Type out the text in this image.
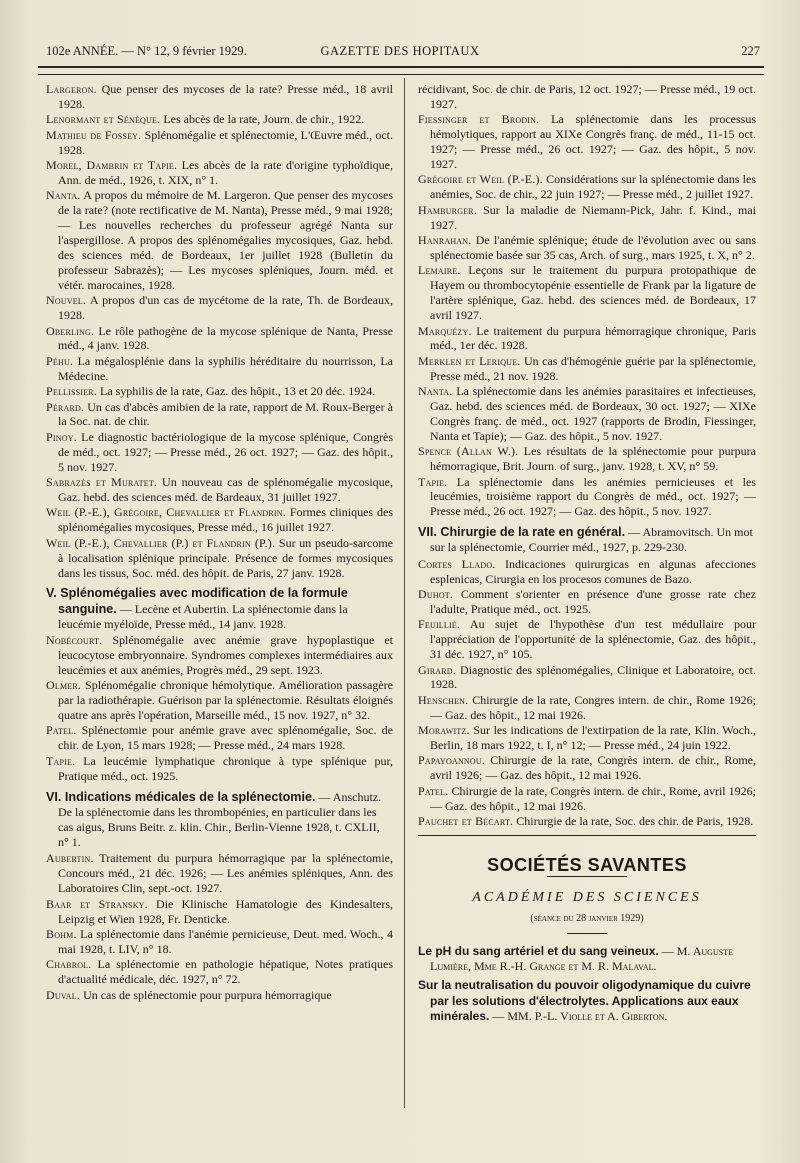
102e ANNÉE. — N° 12, 9 février 1929.	GAZETTE DES HOPITAUX	227
Largeron. Que penser des mycoses de la rate? Presse méd., 18 avril 1928.
Lenormant et Sénèque. Les abcès de la rate, Journ. de chir., 1922.
Mathieu de Fossey. Splénomégalie et splénectomie, L'Œuvre méd., oct. 1928.
Morel, Dambrin et Tapie. Les abcès de la rate d'origine typhoïdique, Ann. de méd., 1926, t. XIX, n° 1.
Nanta. A propos du mémoire de M. Largeron. Que penser des mycoses de la rate? (note rectificative de M. Nanta), Presse méd., 9 mai 1928; — Les nouvelles recherches du professeur agrégé Nanta sur l'aspergillose. A propos des splénomégalies mycosiques, Gaz. hebd. des sciences méd. de Bordeaux, 1er juillet 1928 (Bulletin du professeur Sabrazès); — Les mycoses spléniques, Journ. méd. et vétér. marocaines, 1928.
Nouvel. A propos d'un cas de mycétome de la rate, Th. de Bordeaux, 1928.
Oberling. Le rôle pathogène de la mycose splénique de Nanta, Presse méd., 4 janv. 1928.
Péhu. La mégalosplénie dans la syphilis héréditaire du nourrisson, La Médecine.
Pellissier. La syphilis de la rate, Gaz. des hôpit., 13 et 20 déc. 1924.
Pérard. Un cas d'abcès amibien de la rate, rapport de M. Roux-Berger à la Soc. nat. de chir.
Pinoy. Le diagnostic bactériologique de la mycose splénique, Congrès de méd., oct. 1927; — Presse méd., 26 oct. 1927; — Gaz. des hôpit., 5 nov. 1927.
Sabrazès et Muratet. Un nouveau cas de splénomégalie mycosique, Gaz. hebd. des sciences méd. de Bardeaux, 31 juillet 1927.
Weil (P.-E.), Grégoire, Chevallier et Flandrin. Formes cliniques des splénomégalies mycosiques, Presse méd., 16 juillet 1927.
Weil (P.-E.), Chevallier (P.) et Flandrin (P.). Sur un pseudo-sarcome à localisation splénique principale. Présence de formes mycosiques dans les tissus, Soc. méd. des hôpit. de Paris, 27 janv. 1928.
V. Splénomégalies avec modification de la formule sanguine. — Lecène et Aubertin. La splénectomie dans la leucémie myéloïde, Presse méd., 14 janv. 1928.
Nobécourt. Splénomégalie avec anémie grave hypoplastique et leucocytose embryonnaire. Syndromes complexes intermédiaires aux leucémies et aux anémies, Progrès méd., 29 sept. 1923.
Olmer. Splénomégalie chronique hémolytique. Amélioration passagère par la radiothérapie. Guérison par la splénectomie. Résultats éloignés quatre ans après l'opération, Marseille méd., 15 nov. 1927, n° 32.
Patel. Splénectomie pour anémie grave avec splénomégalie, Soc. de chir. de Lyon, 15 mars 1928; — Presse méd., 24 mars 1928.
Tapie. La leucémie lymphatique chronique à type splénique pur, Pratique méd., oct. 1925.
VI. Indications médicales de la splénectomie. — Anschutz. De la splénectomie dans les thrombopénies, en particulier dans les cas aigus, Bruns Beitr. z. klin. Chir., Berlin-Vienne 1928, t. CXLII, n° 1.
Aubertin. Traitement du purpura hémorragique par la splénectomie, Concours méd., 21 déc. 1926; — Les anémies spléniques, Ann. des Laboratoires Clin, sept.-oct. 1927.
Baar et Stransky. Die Klinische Hamatologie des Kindesalters, Leipzig et Wien 1928, Fr. Denticke.
Bohm. La splénectomie dans l'anémie pernicieuse, Deut. med. Woch., 4 mai 1928, t. LIV, n° 18.
Chabrol. La splénectomie en pathologie hépatique, Notes pratiques d'actualité médicale, déc. 1927, n° 72.
Duval. Un cas de splénectomie pour purpura hémorragique
récidivant, Soc. de chir. de Paris, 12 oct. 1927; — Presse méd., 19 oct. 1927.
Fiessinger et Brodin. La splénectomie dans les processus hémolytiques, rapport au XIXe Congrès franç. de méd., 11-15 oct. 1927; — Presse méd., 26 oct. 1927; — Gaz. des hôpit., 5 nov. 1927.
Grégoire et Weil (P.-E.). Considérations sur la splénectomie dans les anémies, Soc. de chir., 22 juin 1927; — Presse méd., 2 juillet 1927.
Hamburger. Sur la maladie de Niemann-Pick, Jahr. f. Kind., mai 1927.
Hanrahan. De l'anémie splénique; étude de l'évolution avec ou sans splénectomie basée sur 35 cas, Arch. of surg., mars 1925, t. X, n° 2.
Lemaire. Leçons sur le traitement du purpura protopathique de Hayem ou thrombocytopénie essentielle de Frank par la ligature de l'artère splénique, Gaz. hebd. des sciences méd. de Bordeaux, 17 avril 1927.
Marquézy. Le traitement du purpura hémorragique chronique, Paris méd., 1er déc. 1928.
Merklen et Lerique. Un cas d'hémogénie guérie par la splénectomie, Presse méd., 21 nov. 1928.
Nanta. La splénectomie dans les anémies parasitaires et infectieuses, Gaz. hebd. des sciences méd. de Bordeaux, 30 oct. 1927; — XIXe Congrès franç. de méd., oct. 1927 (rapports de Brodin, Fiessinger, Nanta et Tapie); — Gaz. des hôpit., 5 nov. 1927.
Spence (Allan W.). Les résultats de la splénectomie pour purpura hémorragique, Brit. Journ. of surg., janv. 1928, t. XV, n° 59.
Tapie. La splénectomie dans les anémies pernicieuses et les leucémies, troisième rapport du Congrès de méd., oct. 1927; — Presse méd., 26 oct. 1927; — Gaz. des hôpit., 5 nov. 1927.
VII. Chirurgie de la rate en général. — Abramovitsch. Un mot sur la splénectomie, Courrier méd., 1927, p. 229-230.
Cortes Llado. Indicaciones quirurgicas en algunas afecciones esplenicas, Cirurgia en los procesos comunes de Bazo.
Duhot. Comment s'orienter en présence d'une grosse rate chez l'adulte, Pratique méd., oct. 1925.
Feuillié. Au sujet de l'hypothèse d'un test médullaire pour l'appréciation de l'opportunité de la splénectomie, Gaz. des hôpit., 31 déc. 1927, n° 105.
Girard. Diagnostic des splénomégalies, Clinique et Laboratoire, oct. 1928.
Henschen. Chirurgie de la rate, Congres intern. de chir., Rome 1926; — Gaz. des hôpit., 12 mai 1926.
Morawitz. Sur les indications de l'extirpation de la rate, Klin. Woch., Berlin, 18 mars 1922, t. I, n° 12; — Presse méd., 24 juin 1922.
Papayoannou. Chirurgie de la rate, Congrès intern. de chir., Rome, avril 1926; — Gaz. des hôpit., 12 mai 1926.
Patel. Chirurgie de la rate, Congrès intern. de chir., Rome, avril 1926; — Gaz. des hôpit., 12 mai 1926.
Pauchet et Bécart. Chirurgie de la rate, Soc. des chir. de Paris, 1928.
SOCIÉTÉS SAVANTES
ACADÉMIE DES SCIENCES
(séance du 28 janvier 1929)
Le pH du sang artériel et du sang veineux. — M. Auguste Lumière, Mme R.-H. Grange et M. R. Malaval.
Sur la neutralisation du pouvoir oligodynamique du cuivre par les solutions d'électrolytes. Applications aux eaux minérales. — MM. P.-L. Violle et A. Giberton.
